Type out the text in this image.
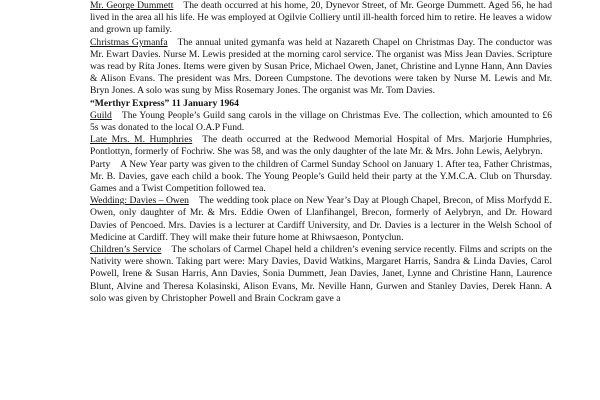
Mr. George Dummett The death occurred at his home, 20, Dynevor Street, of Mr. George Dummett. Aged 56, he had lived in the area all his life. He was employed at Ogilvie Colliery until ill-health forced him to retire. He leaves a widow and grown up family.

Christmas Gymanfa The annual united gymanfa was held at Nazareth Chapel on Christmas Day. The conductor was Mr. Ewart Davies. Nurse M. Lewis presided at the morning carol service. The organist was Miss Jean Davies. Scripture was read by Rita Jones. Items were given by Susan Price, Michael Owen, Janet, Christine and Lynne Hann, Ann Davies & Alison Evans. The president was Mrs. Doreen Cumpstone. The devotions were taken by Nurse M. Lewis and Mr. Bryn Jones. A solo was sung by Miss Rosemary Jones. The organist was Mr. Tom Davies.

“Merthyr Express” 11 January 1964

Guild The Young People’s Guild sang carols in the village on Christmas Eve. The collection, which amounted to £6 5s was donated to the local O.A.P Fund.

Late Mrs. M. Humphries The death occurred at the Redwood Memorial Hospital of Mrs. Marjorie Humphries, Pontlottyn, formerly of Fochriw. She was 58, and was the only daughter of the late Mr. & Mrs. John Lewis, Aelybryn.

Party A New Year party was given to the children of Carmel Sunday School on January 1. After tea, Father Christmas, Mr. B. Davies, gave each child a book. The Young People’s Guild held their party at the Y.M.C.A. Club on Thursday. Games and a Twist Competition followed tea.

Wedding: Davies – Owen The wedding took place on New Year’s Day at Plough Chapel, Brecon, of Miss Morfydd E. Owen, only daughter of Mr. & Mrs. Eddie Owen of Llanfihangel, Brecon, formerly of Aelybryn, and Dr. Howard Davies of Pencoed. Mrs. Davies is a lecturer at Cardiff University, and Dr. Davies is a lecturer in the Welsh School of Medicine at Cardiff. They will make their future home at Rhiwsaeson, Pontyclun.

Children’s Service The scholars of Carmel Chapel held a children’s evening service recently. Films and scripts on the Nativity were shown. Taking part were: Mary Davies, David Watkins, Margaret Harris, Sandra & Linda Davies, Carol Powell, Irene & Susan Harris, Ann Davies, Sonia Dummett, Jean Davies, Janet, Lynne and Christine Hann, Laurence Blunt, Alvine and Theresa Kolasinski, Alison Evans, Mr. Neville Hann, Gurwen and Stanley Davies, Derek Hann. A solo was given by Christopher Powell and Brain Cockram gave a
